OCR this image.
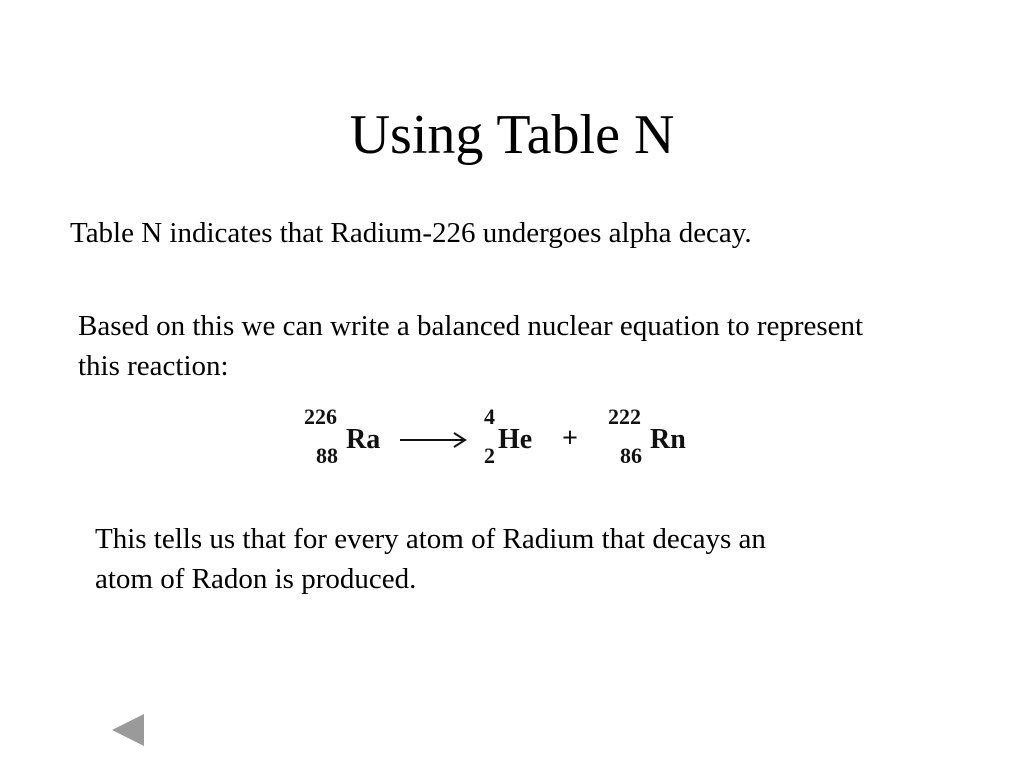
Using Table N

Table N indicates that Radium-226 undergoes alpha decay.

Based on this we can write a balanced nuclear equation to represent this reaction:

226
88
Ra
4
2
He +
222
86
Rn

This tells us that for every atom of Radium that decays an atom of Radon is produced.
